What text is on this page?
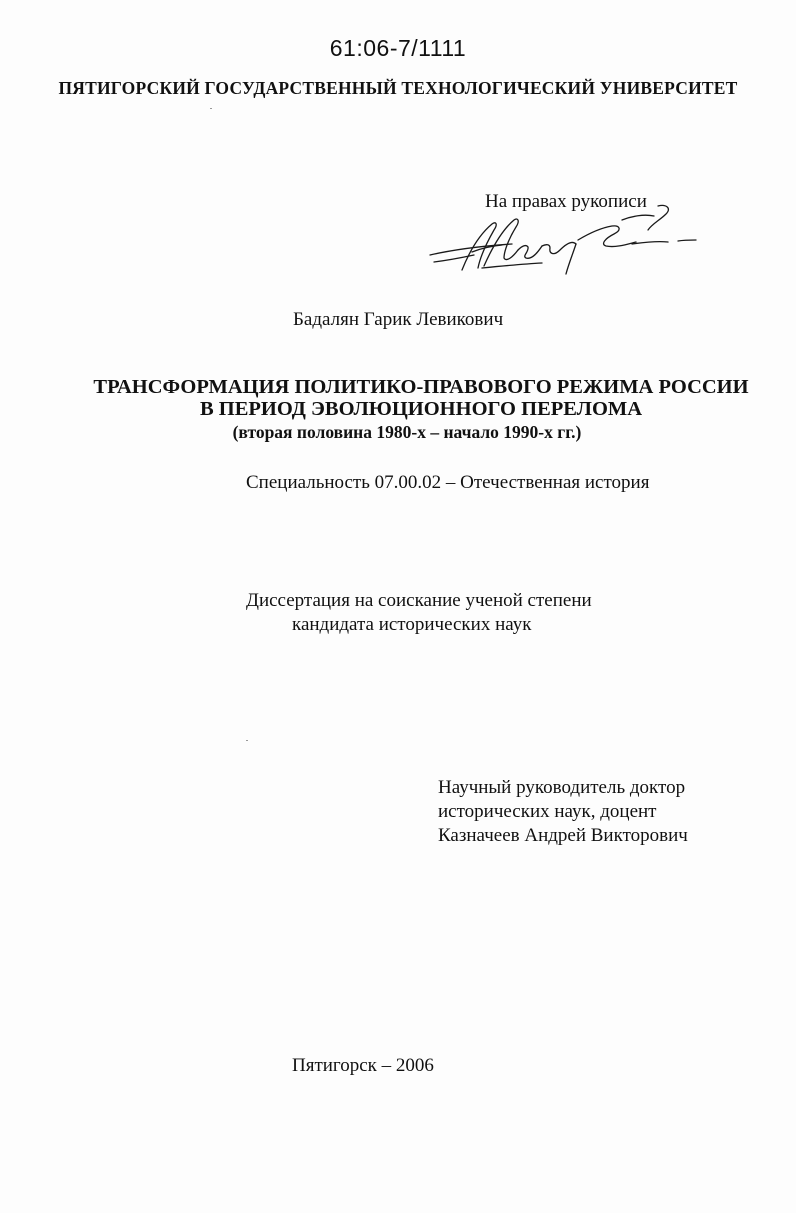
61:06-7/1111
ПЯТИГОРСКИЙ ГОСУДАРСТВЕННЫЙ ТЕХНОЛОГИЧЕСКИЙ УНИВЕРСИТЕТ
На правах рукописи
Бадалян Гарик Левикович
ТРАНСФОРМАЦИЯ ПОЛИТИКО-ПРАВОВОГО РЕЖИМА РОССИИ
В ПЕРИОД ЭВОЛЮЦИОННОГО ПЕРЕЛОМА
(вторая половина 1980-х – начало 1990-х гг.)
Специальность 07.00.02 – Отечественная история
Диссертация на соискание ученой степени
кандидата исторических наук
Научный руководитель доктор
исторических наук, доцент
Казначеев Андрей Викторович
Пятигорск – 2006
